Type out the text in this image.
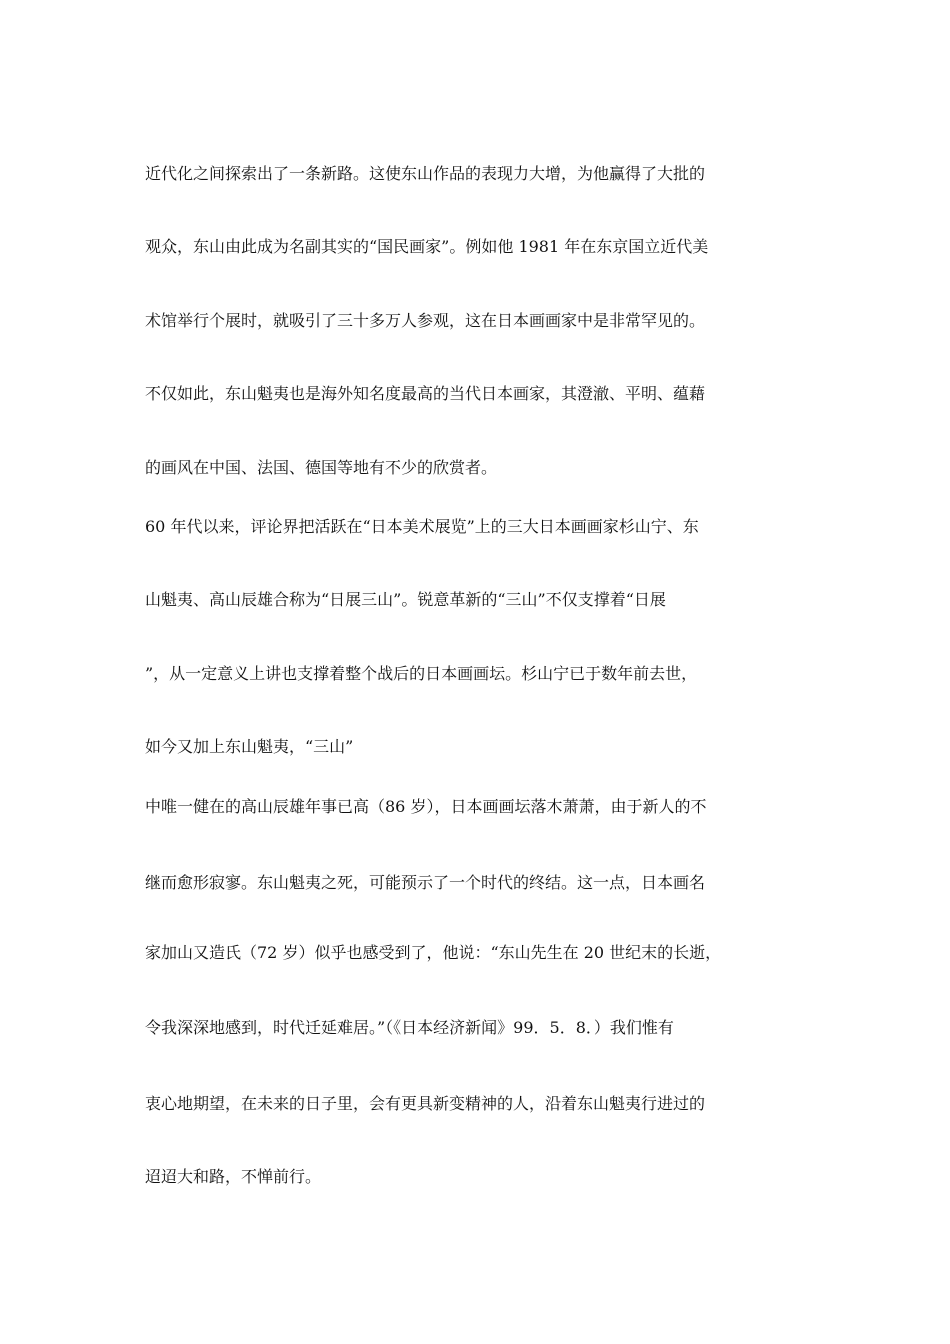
近代化之间探索出了一条新路。这使东山作品的表现力大增，为他赢得了大批的
观众，东山由此成为名副其实的“国民画家”。例如他 1981 年在东京国立近代美
术馆举行个展时，就吸引了三十多万人参观，这在日本画画家中是非常罕见的。
不仅如此，东山魁夷也是海外知名度最高的当代日本画家，其澄澈、平明、蕴藉
的画风在中国、法国、德国等地有不少的欣赏者。
60 年代以来，评论界把活跃在“日本美术展览”上的三大日本画画家杉山宁、东
山魁夷、高山辰雄合称为“日展三山”。锐意革新的“三山”不仅支撑着“日展
”，从一定意义上讲也支撑着整个战后的日本画画坛。杉山宁已于数年前去世，
如今又加上东山魁夷，“三山”
中唯一健在的高山辰雄年事已高（86 岁），日本画画坛落木萧萧，由于新人的不
继而愈形寂寥。东山魁夷之死，可能预示了一个时代的终结。这一点，日本画名
家加山又造氏（72 岁）似乎也感受到了，他说：“东山先生在 20 世纪末的长逝，
令我深深地感到，时代迁延难居。”（《日本经济新闻》99．5．8．）我们惟有
衷心地期望，在未来的日子里，会有更具新变精神的人，沿着东山魁夷行进过的
迢迢大和路，不惮前行。
